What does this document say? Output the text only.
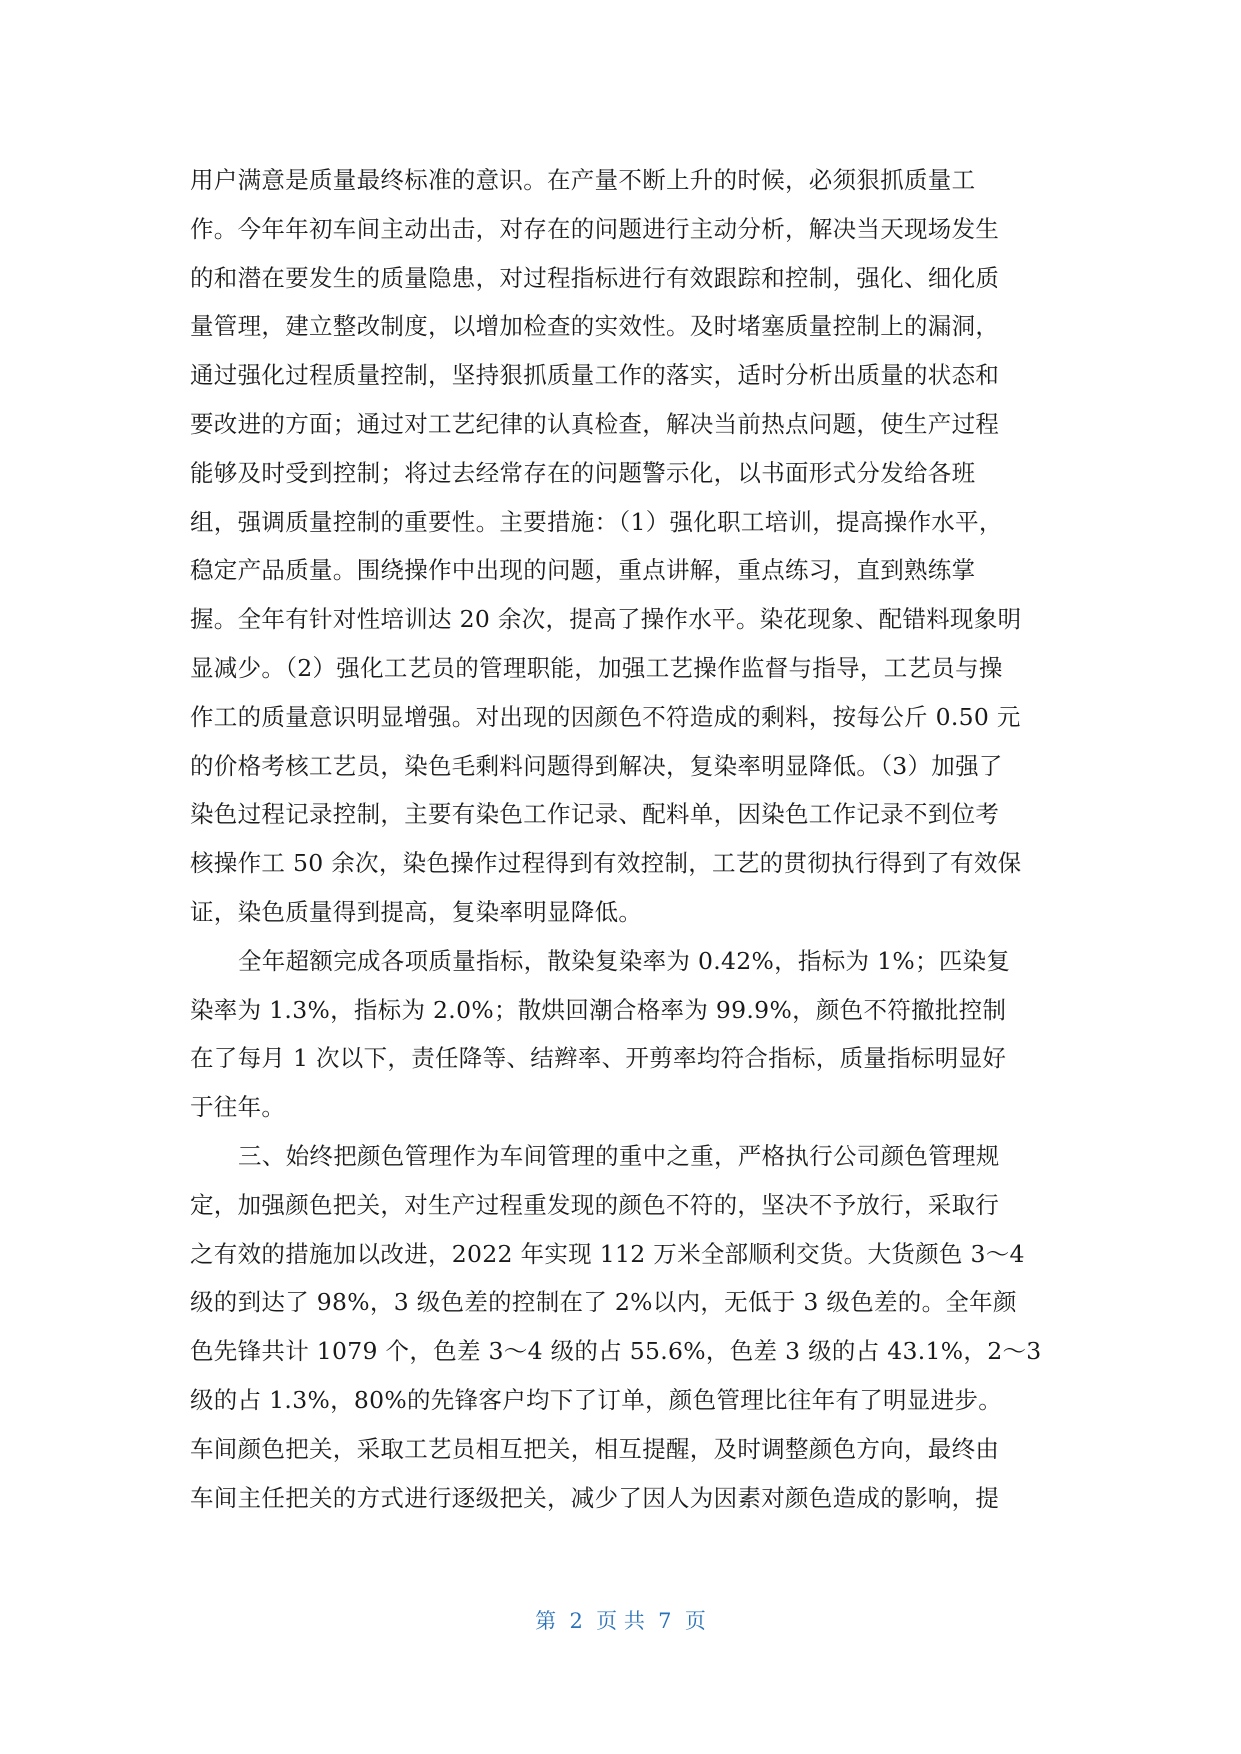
用户满意是质量最终标准的意识。在产量不断上升的时候，必须狠抓质量工
作。今年年初车间主动出击，对存在的问题进行主动分析，解决当天现场发生
的和潜在要发生的质量隐患，对过程指标进行有效跟踪和控制，强化、细化质
量管理，建立整改制度，以增加检查的实效性。及时堵塞质量控制上的漏洞，
通过强化过程质量控制，坚持狠抓质量工作的落实，适时分析出质量的状态和
要改进的方面；通过对工艺纪律的认真检查，解决当前热点问题，使生产过程
能够及时受到控制；将过去经常存在的问题警示化，以书面形式分发给各班
组，强调质量控制的重要性。主要措施：（1）强化职工培训，提高操作水平，
稳定产品质量。围绕操作中出现的问题，重点讲解，重点练习，直到熟练掌
握。全年有针对性培训达 20 余次，提高了操作水平。染花现象、配错料现象明
显减少。（2）强化工艺员的管理职能，加强工艺操作监督与指导，工艺员与操
作工的质量意识明显增强。对出现的因颜色不符造成的剩料，按每公斤 0.50 元
的价格考核工艺员，染色毛剩料问题得到解决，复染率明显降低。（3）加强了
染色过程记录控制，主要有染色工作记录、配料单，因染色工作记录不到位考
核操作工 50 余次，染色操作过程得到有效控制，工艺的贯彻执行得到了有效保
证，染色质量得到提高，复染率明显降低。

全年超额完成各项质量指标，散染复染率为 0.42%，指标为 1%；匹染复
染率为 1.3%，指标为 2.0%；散烘回潮合格率为 99.9%，颜色不符撤批控制
在了每月 1 次以下，责任降等、结辫率、开剪率均符合指标，质量指标明显好
于往年。

三、始终把颜色管理作为车间管理的重中之重，严格执行公司颜色管理规
定，加强颜色把关，对生产过程重发现的颜色不符的，坚决不予放行，采取行
之有效的措施加以改进，2022 年实现 112 万米全部顺利交货。大货颜色 3～4
级的到达了 98%，3 级色差的控制在了 2%以内，无低于 3 级色差的。全年颜
色先锋共计 1079 个，色差 3～4 级的占 55.6%，色差 3 级的占 43.1%，2～3
级的占 1.3%，80%的先锋客户均下了订单，颜色管理比往年有了明显进步。
车间颜色把关，采取工艺员相互把关，相互提醒，及时调整颜色方向，最终由
车间主任把关的方式进行逐级把关，减少了因人为因素对颜色造成的影响，提

第  2  页 共  7  页
